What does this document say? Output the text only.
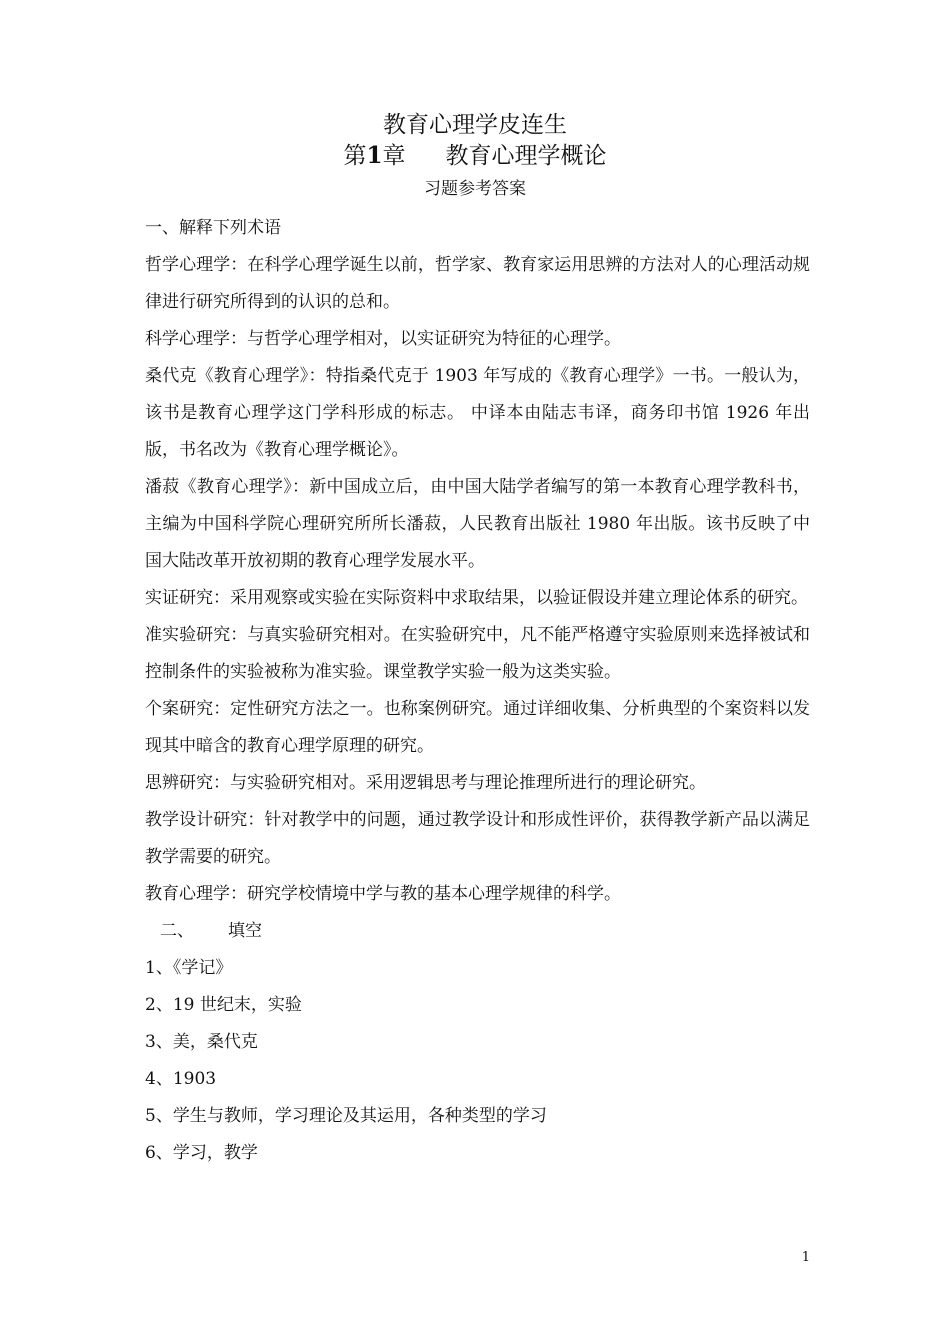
教育心理学皮连生
第1章 教育心理学概论
习题参考答案

一、解释下列术语

哲学心理学：在科学心理学诞生以前，哲学家、教育家运用思辨的方法对人的心理活动规律进行研究所得到的认识的总和。

科学心理学：与哲学心理学相对，以实证研究为特征的心理学。

桑代克《教育心理学》：特指桑代克于 1903 年写成的《教育心理学》一书。一般认为，该书是教育心理学这门学科形成的标志。 中译本由陆志韦译，商务印书馆 1926 年出版，书名改为《教育心理学概论》。

潘菽《教育心理学》：新中国成立后，由中国大陆学者编写的第一本教育心理学教科书，主编为中国科学院心理研究所所长潘菽，人民教育出版社 1980 年出版。该书反映了中国大陆改革开放初期的教育心理学发展水平。

实证研究：采用观察或实验在实际资料中求取结果，以验证假设并建立理论体系的研究。

准实验研究：与真实验研究相对。在实验研究中，凡不能严格遵守实验原则来选择被试和控制条件的实验被称为准实验。课堂教学实验一般为这类实验。

个案研究：定性研究方法之一。也称案例研究。通过详细收集、分析典型的个案资料以发现其中暗含的教育心理学原理的研究。

思辨研究：与实验研究相对。采用逻辑思考与理论推理所进行的理论研究。

教学设计研究：针对教学中的问题，通过教学设计和形成性评价，获得教学新产品以满足教学需要的研究。

教育心理学：研究学校情境中学与教的基本心理学规律的科学。

二、 填空

1、《学记》

2、19 世纪末，实验

3、美，桑代克

4、1903

5、学生与教师，学习理论及其运用，各种类型的学习

6、学习，教学

1
